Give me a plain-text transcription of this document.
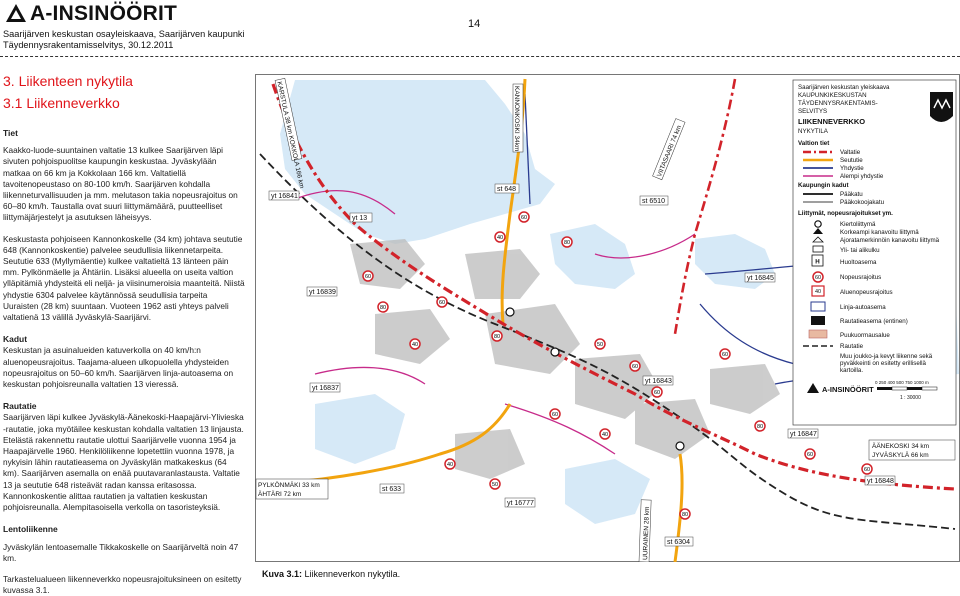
A-INSINÖÖRIT
Saarijärven keskustan osayleiskaava, Saarijärven kaupunki
Täydennysrakentamisselvitys, 30.12.2011
14
3. Liikenteen nykytila
3.1 Liikenneverkko
Tiet

Kaakko-luode-suuntainen valtatie 13 kulkee Saarijärven läpi sivuten pohjoispuolitse kaupungin keskustaa. Jyväskylään matkaa on 66 km ja Kokkolaan 166 km. Valtatiellä tavoitenopeustaso on 80-100 km/h. Saarijärven kohdalla liikenneturvallisuuden ja mm. melutason takia nopeusrajoitus on 60–80 km/h. Taustalla ovat suuri liittymämäärä, puutteelliset liittymäjärjestelyt ja asutuksen läheisyys.

Keskustasta pohjoiseen Kannonkoskelle (34 km) johtava seututie 648 (Kannonkoskentie) palvelee seudullisia liikennetarpeita. Seututie 633 (Myllymäentie) kulkee valtatieltä 13 länteen päin mm. Pylkönmäelle ja Ähtäriin. Lisäksi alueella on useita valtion ylläpitämiä yhdysteitä eli neljä- ja viisinumeroisia maanteitä. Niistä yhdystie 6304 palvelee käytännössä seudullisia tarpeita Uuraisten (28 km) suuntaan. Vuoteen 1962 asti yhteys palveli valtatienä 13 välillä Jyväskylä-Saarijärvi.

Kadut

Keskustan ja asuinalueiden katuverkolla on 40 km/h:n aluenopeusrajoitus. Taajama-alueen ulkopuolella yhdysteiden nopeusrajoitus on 50–60 km/h. Saarijärven linja-autoasema on keskustan pohjoisreunalla valtatien 13 vieressä.

Rautatie

Saarijärven läpi kulkee Jyväskylä-Äänekoski-Haapajärvi-Ylivieska -rautatie, joka myötäilee keskustan kohdalla valtatien 13 linjausta. Etelästä rakennettu rautatie ulottui Saarijärvelle vuonna 1954 ja Haapajärvelle 1960. Henkilöliikenne lopetettiin vuonna 1978, ja nykyisin lähin rautatieasema on Jyväskylän matkakeskus (64 km). Saarijärven asemalla on enää puutavaranlastausta. Valtatie 13 ja seututie 648 risteävät radan kanssa eritasossa. Kannonkoskentie alittaa rautatien ja valtatien keskustan pohjoisreunalla. Alempitasoisella verkolla on tasoristeyksiä.

Lentoliikenne

Jyväskylän lentoasemalle Tikkakoskelle on Saarijärveltä noin 47 km.

Tarkastelualueen liikenneverkko nopeusrajoituksineen on esitetty kuvassa 3.1.

yt 16841
yt 13
st 648
st 6510
yt 16839
yt 16845
yt 16837
yt 16843
yt 16847
yt 16848
st 633
yt 16777
st 6304
KARSTULA 38 km KOKKOLA 166 km	KANNONKOSKI 34km	VIITASAARI 74 km
PYLKÖNMÄKI 33 km
ÄHTÄRI 72 km
ÄÄNEKOSKI 34 km
JYVÄSKYLÄ 66 km
UURAINEN 28 km
40
60
60
80
60
80
80
50
60
60
60
40
80
60
60
40
50
80
40
60
Saarijärven keskustan yleiskaava
KAUPUNKIKESKUSTAN
TÄYDENNYSRAKENTAMIS-
SELVITYS
LIIKENNEVERKKO
NYKYTILA
Valtion tiet
Valtatie
Seututie
Yhdystie
Alempi yhdystie
Kaupungin kadut
Pääkatu
Pääkokoojakatu
Liittymät, nopeusrajoitukset ym.
Kiertoliittymä
Korkeampi kanavoitu liittymä
Ajoratamerkinnöin kanavoitu liittymä
Yli- tai alikulku
H	Huoltoasema
60	Nopeusrajoitus
40	Aluenopeusrajoitus
Linja-autoasema
Rautatieasema (entinen)
Puukuormausalue
Rautatie
Muu joukko-ja kevyt liikenne sekä
pyväkkeinti on esitetty erillisellä
kartoilla.
A-INSINÖÖRIT
0 250 400 500 750 1000 m
1 : 30000
Kuva 3.1: Liikenneverkon nykytila.
